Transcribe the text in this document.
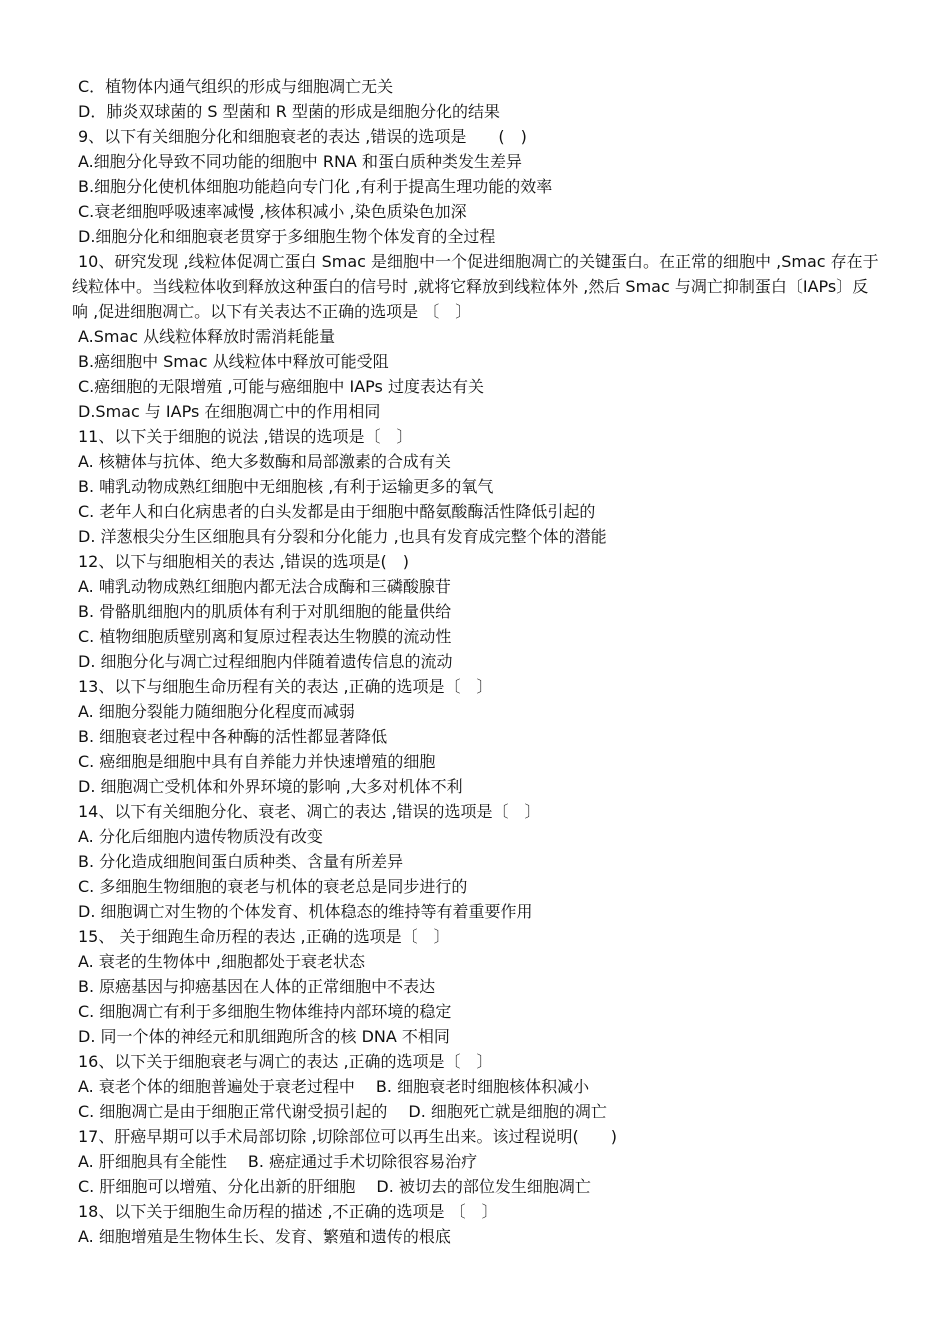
C．植物体内通气组织的形成与细胞凋亡无关
D．肺炎双球菌的 S 型菌和 R 型菌的形成是细胞分化的结果
9、以下有关细胞分化和细胞衰老的表达 ,错误的选项是　　(　)
A.细胞分化导致不同功能的细胞中 RNA 和蛋白质种类发生差异
B.细胞分化使机体细胞功能趋向专门化 ,有利于提高生理功能的效率
C.衰老细胞呼吸速率减慢 ,核体积减小 ,染色质染色加深
D.细胞分化和细胞衰老贯穿于多细胞生物个体发育的全过程
10、研究发现 ,线粒体促凋亡蛋白 Smac 是细胞中一个促进细胞凋亡的关键蛋白。在正常的细胞中 ,Smac 存在于线粒体中。当线粒体收到释放这种蛋白的信号时 ,就将它释放到线粒体外 ,然后 Smac 与凋亡抑制蛋白〔IAPs〕反响 ,促进细胞凋亡。以下有关表达不正确的选项是 〔　〕
A.Smac 从线粒体释放时需消耗能量
B.癌细胞中 Smac 从线粒体中释放可能受阻
C.癌细胞的无限增殖 ,可能与癌细胞中 IAPs 过度表达有关
D.Smac 与 IAPs 在细胞凋亡中的作用相同
11、以下关于细胞的说法 ,错误的选项是〔　〕
A. 核糖体与抗体、绝大多数酶和局部激素的合成有关
B. 哺乳动物成熟红细胞中无细胞核 ,有利于运输更多的氧气
C. 老年人和白化病患者的白头发都是由于细胞中酪氨酸酶活性降低引起的
D. 洋葱根尖分生区细胞具有分裂和分化能力 ,也具有发育成完整个体的潜能
12、以下与细胞相关的表达 ,错误的选项是(　)
A. 哺乳动物成熟红细胞内都无法合成酶和三磷酸腺苷
B. 骨骼肌细胞内的肌质体有利于对肌细胞的能量供给
C. 植物细胞质壁别离和复原过程表达生物膜的流动性
D. 细胞分化与凋亡过程细胞内伴随着遗传信息的流动
13、以下与细胞生命历程有关的表达 ,正确的选项是〔　〕
A. 细胞分裂能力随细胞分化程度而减弱
B. 细胞衰老过程中各种酶的活性都显著降低
C. 癌细胞是细胞中具有自养能力并快速增殖的细胞
D. 细胞凋亡受机体和外界环境的影响 ,大多对机体不利
14、以下有关细胞分化、衰老、凋亡的表达 ,错误的选项是〔　〕
A. 分化后细胞内遗传物质没有改变
B. 分化造成细胞间蛋白质种类、含量有所差异
C. 多细胞生物细胞的衰老与机体的衰老总是同步进行的
D. 细胞调亡对生物的个体发育、机体稳态的维持等有着重要作用
15、 关于细跑生命历程的表达 ,正确的选项是〔　〕
A. 衰老的生物体中 ,细胞都处于衰老状态
B. 原癌基因与抑癌基因在人体的正常细胞中不表达
C. 细胞凋亡有利于多细胞生物体维持内部环境的稳定
D. 同一个体的神经元和肌细跑所含的核 DNA 不相同
16、以下关于细胞衰老与凋亡的表达 ,正确的选项是〔　〕
A. 衰老个体的细胞普遍处于衰老过程中　 B. 细胞衰老时细胞核体积减小
C. 细胞凋亡是由于细胞正常代谢受损引起的　 D. 细胞死亡就是细胞的凋亡
17、肝癌早期可以手术局部切除 ,切除部位可以再生出来。该过程说明(　　)
A. 肝细胞具有全能性　 B. 癌症通过手术切除很容易治疗
C. 肝细胞可以增殖、分化出新的肝细胞　 D. 被切去的部位发生细胞凋亡
18、以下关于细胞生命历程的描述 ,不正确的选项是 〔　〕
A. 细胞增殖是生物体生长、发育、繁殖和遗传的根底
